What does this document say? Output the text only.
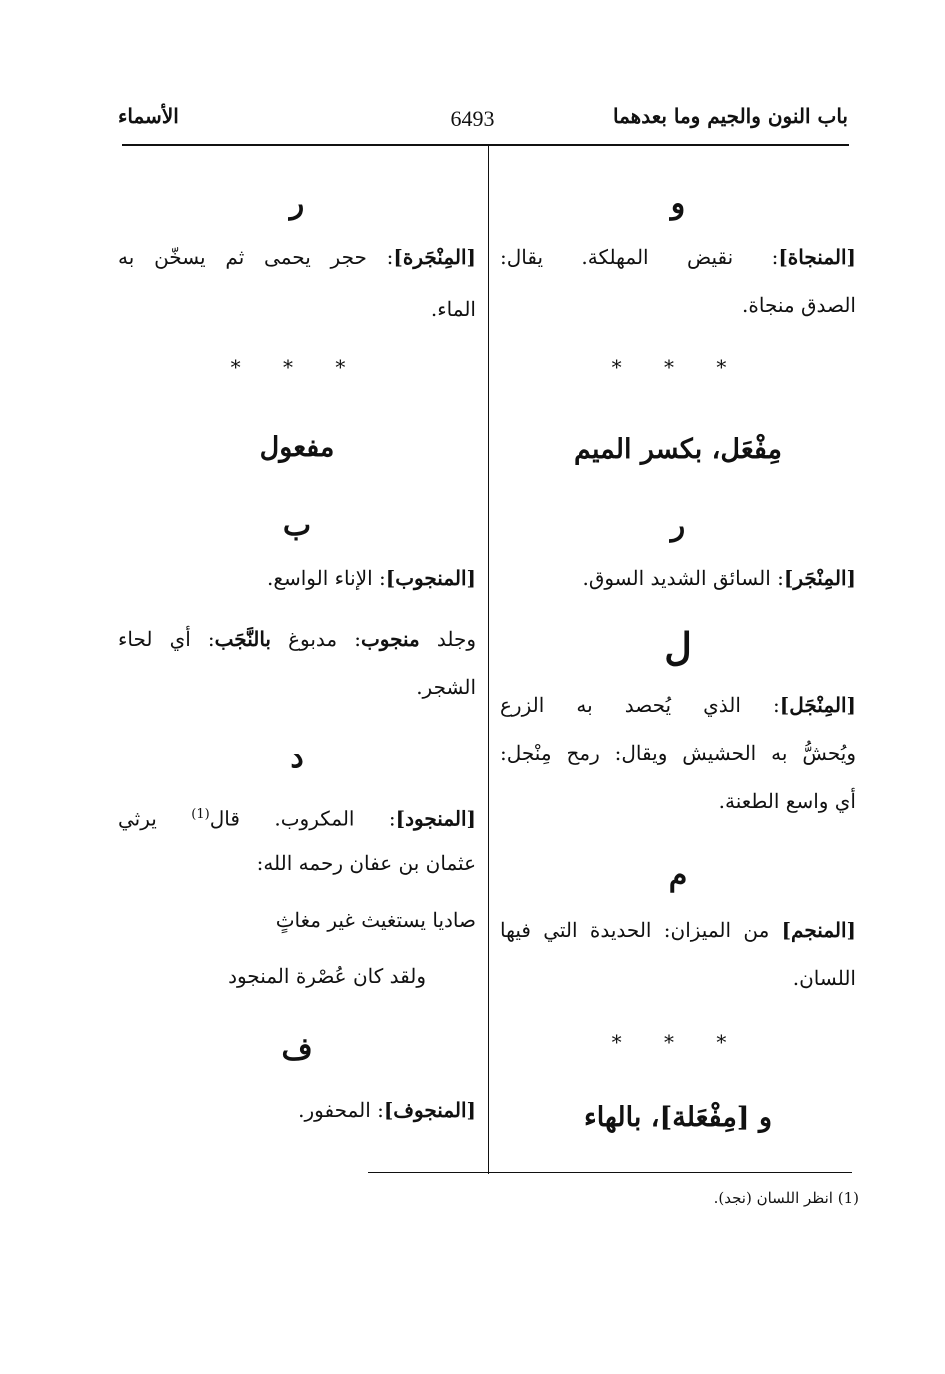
باب النون والجيم وما بعدهما
6493
الأسماء
و
[المنجاة]: نقيض المهلكة. يقال:
الصدق منجاة.
* * *
مِفْعَل، بكسر الميم
ر
[المِنْجَر]: السائق الشديد السوق.
ل
[المِنْجَل]: الذي يُحصد به الزرع
ويُحشُّ به الحشيش ويقال: رمح مِنْجل:
أي واسع الطعنة.
م
[المنجم] من الميزان: الحديدة التي فيها
اللسان.
* * *
و [مِفْعَلة]، بالهاء
ر
[المِنْجَرة]: حجر يحمى ثم يسخّن به
الماء.
* * *
مفعول
ب
[المنجوب]: الإناء الواسع.
وجلد منجوب: مدبوغ بالنَّجَب: أي لحاء
الشجر.
د
[المنجود]: المكروب. قال$^{(1)}$ يرثي
عثمان بن عفان رحمه الله:
صاديا يستغيث غير مغاثٍ
ولقد كان عُصْرة المنجود
ف
[المنجوف]: المحفور.
(1) انظر اللسان (نجد).
